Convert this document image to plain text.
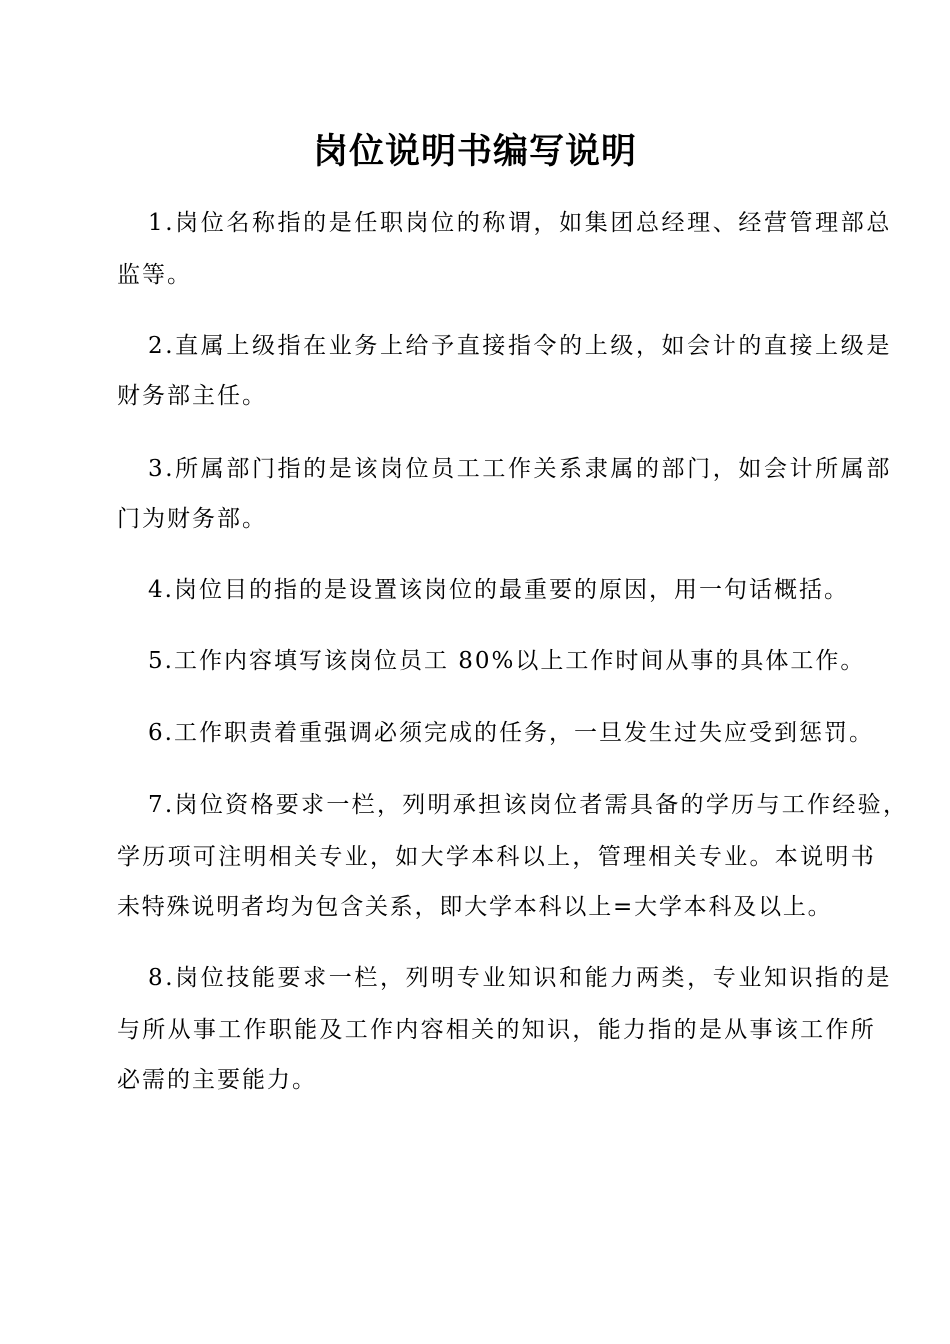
岗位说明书编写说明
1.岗位名称指的是任职岗位的称谓，如集团总经理、经营管理部总
监等。
2.直属上级指在业务上给予直接指令的上级，如会计的直接上级是
财务部主任。
3.所属部门指的是该岗位员工工作关系隶属的部门，如会计所属部
门为财务部。
4.岗位目的指的是设置该岗位的最重要的原因，用一句话概括。
5.工作内容填写该岗位员工 80%以上工作时间从事的具体工作。
6.工作职责着重强调必须完成的任务，一旦发生过失应受到惩罚。
7.岗位资格要求一栏，列明承担该岗位者需具备的学历与工作经验，
学历项可注明相关专业，如大学本科以上，管理相关专业。本说明书
未特殊说明者均为包含关系，即大学本科以上=大学本科及以上。
8.岗位技能要求一栏，列明专业知识和能力两类，专业知识指的是
与所从事工作职能及工作内容相关的知识，能力指的是从事该工作所
必需的主要能力。
